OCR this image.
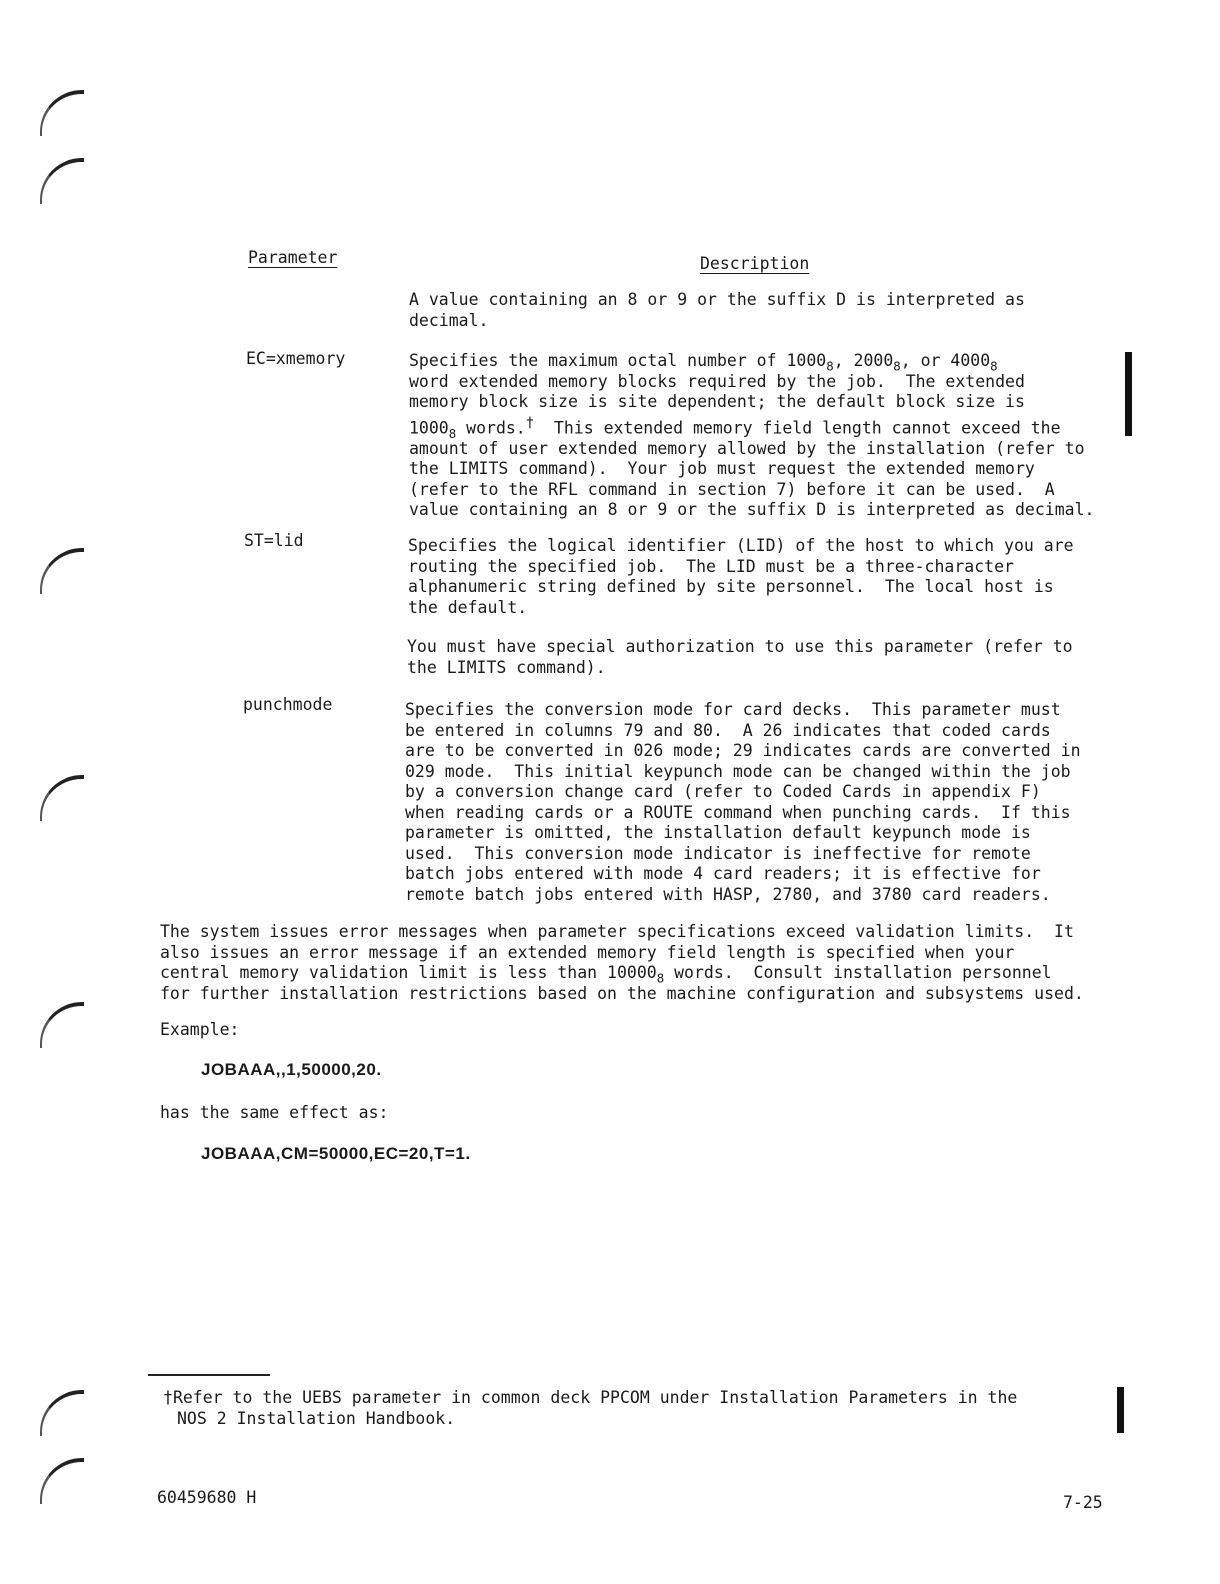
Parameter	Description
A value containing an 8 or 9 or the suffix D is interpreted as
decimal.
EC=xmemory	Specifies the maximum octal number of $1000_8$, $2000_8$, or $4000_8$
word extended memory blocks required by the job.  The extended
memory block size is site dependent; the default block size is
$1000_8$ words.†  This extended memory field length cannot exceed the
amount of user extended memory allowed by the installation (refer to
the LIMITS command).  Your job must request the extended memory
(refer to the RFL command in section 7) before it can be used.  A
value containing an 8 or 9 or the suffix D is interpreted as decimal.
ST=lid	Specifies the logical identifier (LID) of the host to which you are
routing the specified job.  The LID must be a three-character
alphanumeric string defined by site personnel.  The local host is
the default.
You must have special authorization to use this parameter (refer to
the LIMITS command).
punchmode	Specifies the conversion mode for card decks.  This parameter must
be entered in columns 79 and 80.  A 26 indicates that coded cards
are to be converted in 026 mode; 29 indicates cards are converted in
029 mode.  This initial keypunch mode can be changed within the job
by a conversion change card (refer to Coded Cards in appendix F)
when reading cards or a ROUTE command when punching cards.  If this
parameter is omitted, the installation default keypunch mode is
used.  This conversion mode indicator is ineffective for remote
batch jobs entered with mode 4 card readers; it is effective for
remote batch jobs entered with HASP, 2780, and 3780 card readers.
The system issues error messages when parameter specifications exceed validation limits.  It
also issues an error message if an extended memory field length is specified when your
central memory validation limit is less than $10000_8$ words.  Consult installation personnel
for further installation restrictions based on the machine configuration and subsystems used.
Example:
JOBAAA,,1,50000,20.
has the same effect as:
JOBAAA,CM=50000,EC=20,T=1.
†Refer to the UEBS parameter in common deck PPCOM under Installation Parameters in the
NOS 2 Installation Handbook.
60459680 H	7-25
